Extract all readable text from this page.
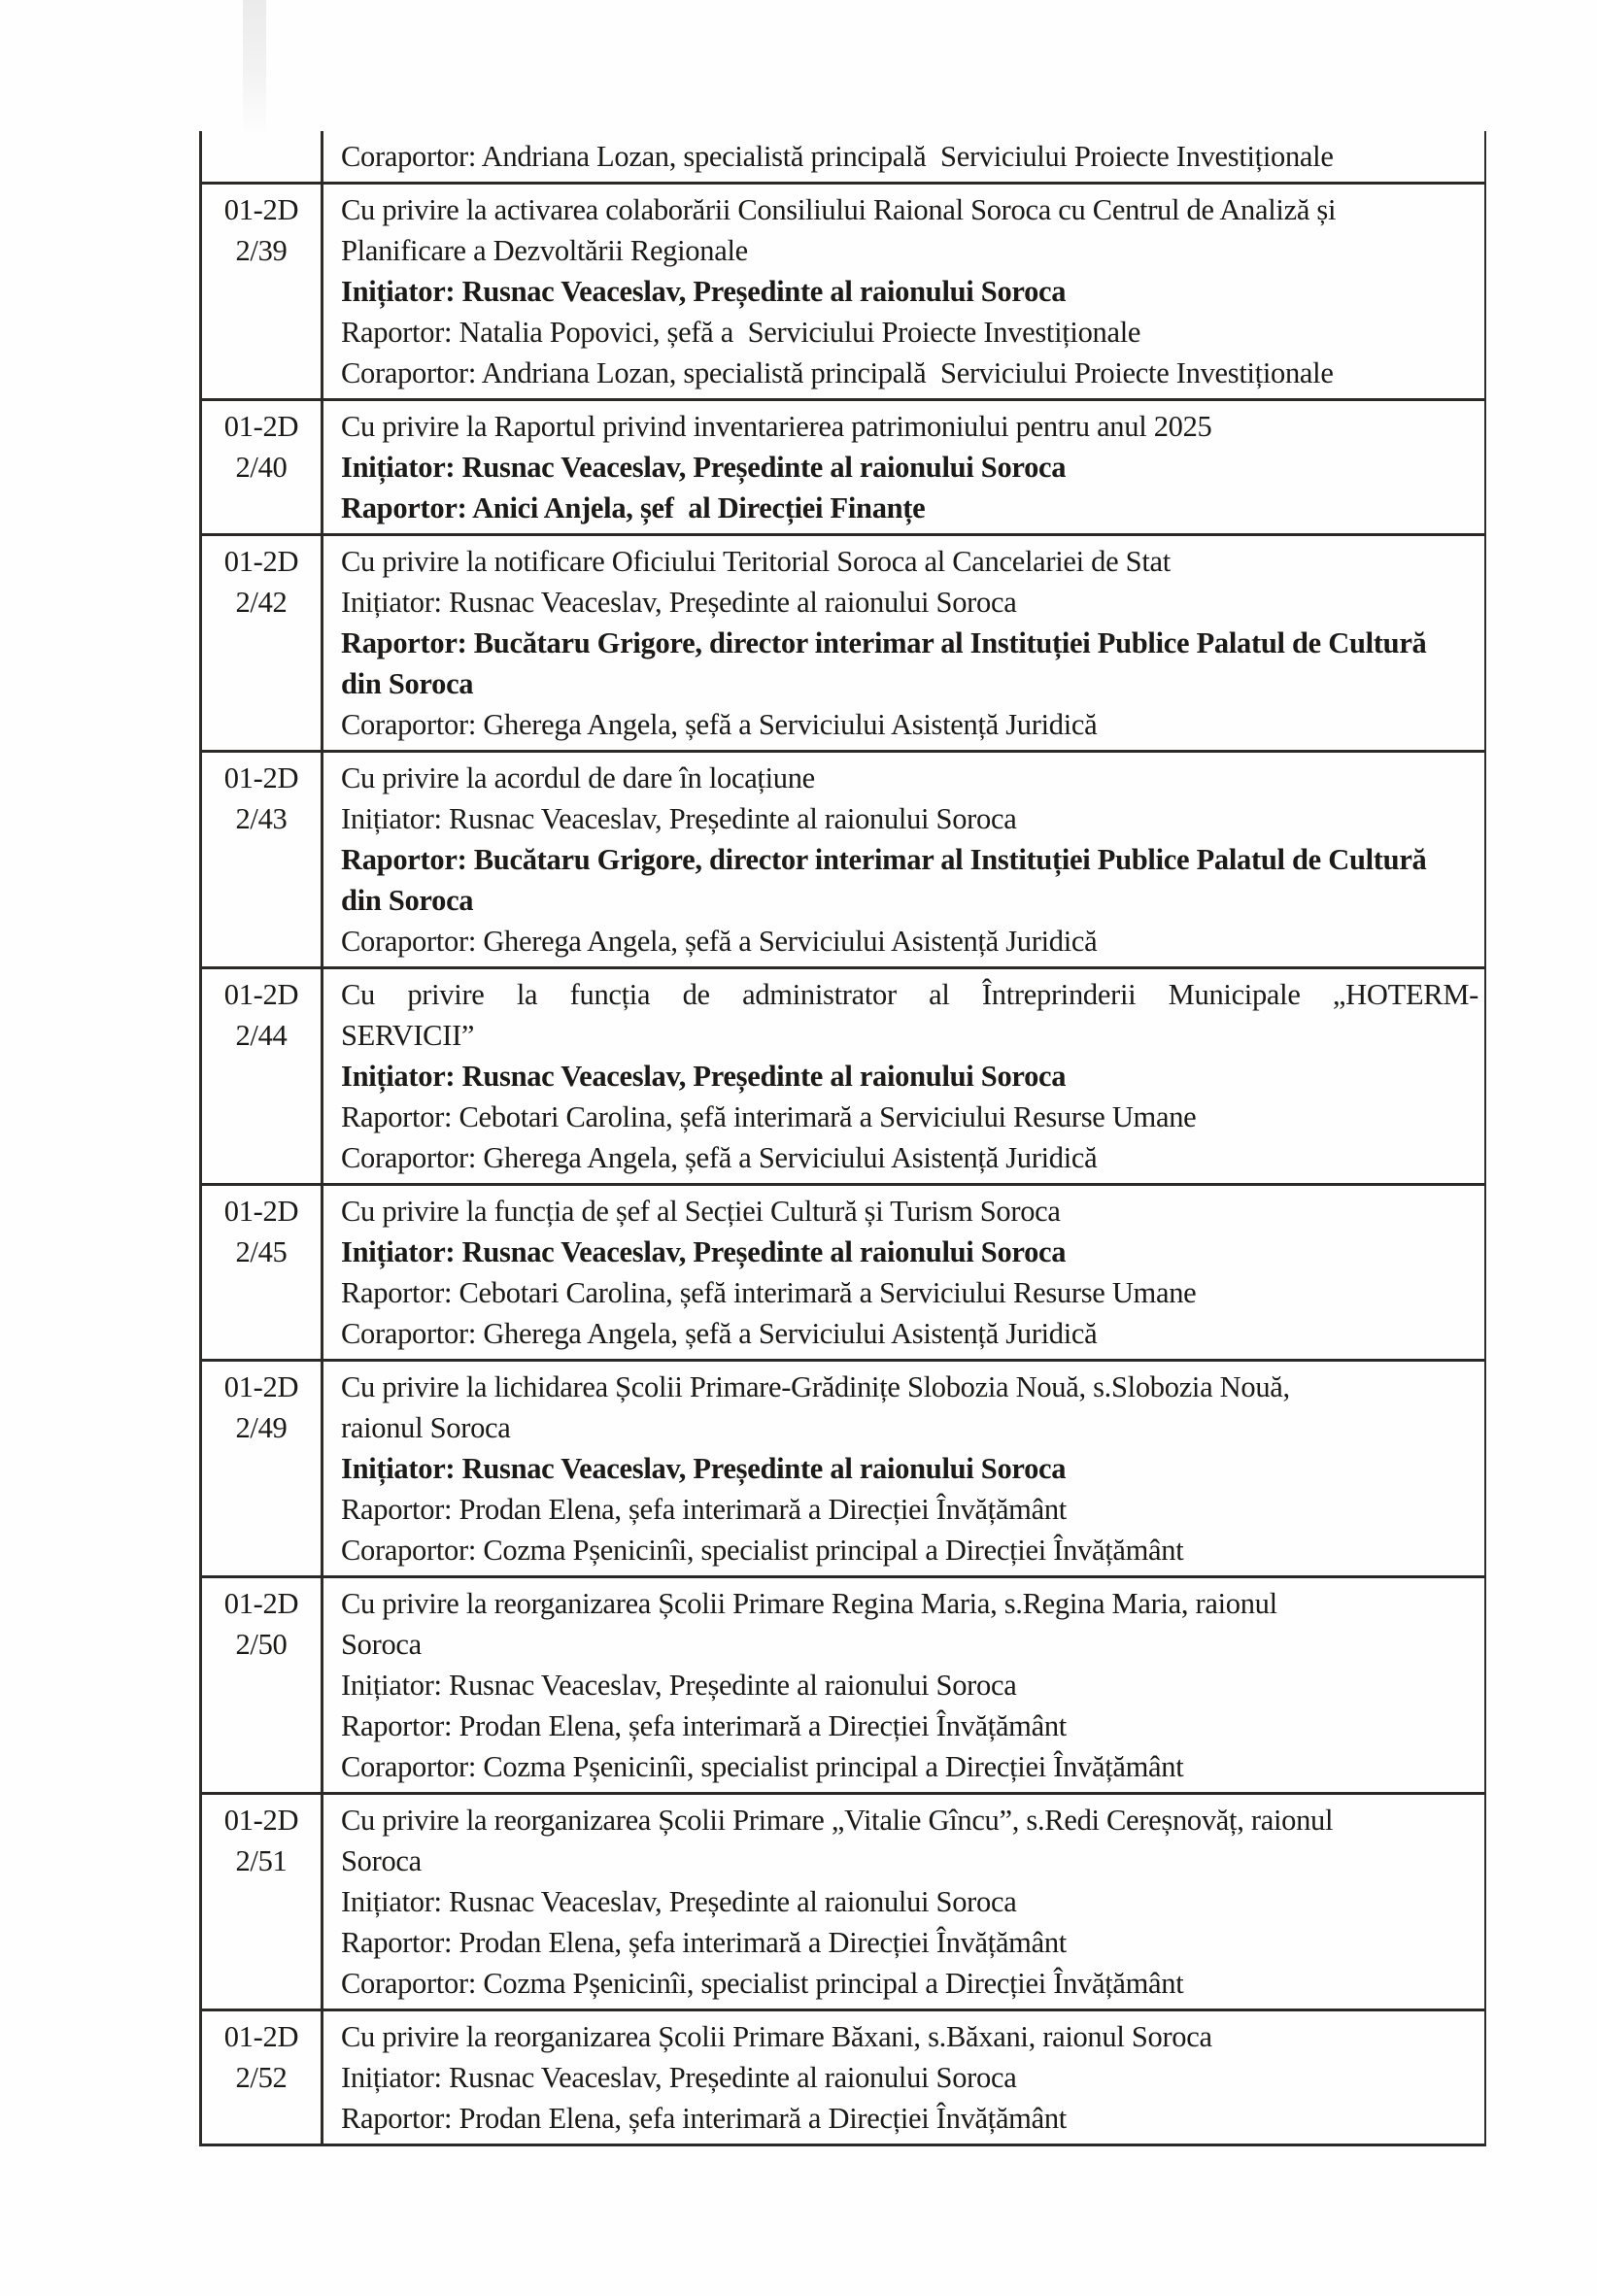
Coraportor: Andriana Lozan, specialistă principală  Serviciului Proiecte Investiționale
01-2D
2/39
Cu privire la activarea colaborării Consiliului Raional Soroca cu Centrul de Analiză și
Planificare a Dezvoltării Regionale
Inițiator: Rusnac Veaceslav, Președinte al raionului Soroca
Raportor: Natalia Popovici, șefă a  Serviciului Proiecte Investiționale
Coraportor: Andriana Lozan, specialistă principală  Serviciului Proiecte Investiționale
01-2D
2/40
Cu privire la Raportul privind inventarierea patrimoniului pentru anul 2025
Inițiator: Rusnac Veaceslav, Președinte al raionului Soroca
Raportor: Anici Anjela, șef  al Direcției Finanțe
01-2D
2/42
Cu privire la notificare Oficiului Teritorial Soroca al Cancelariei de Stat
Inițiator: Rusnac Veaceslav, Președinte al raionului Soroca
Raportor: Bucătaru Grigore, director interimar al Instituției Publice Palatul de Cultură
din Soroca
Coraportor: Gherega Angela, șefă a Serviciului Asistență Juridică
01-2D
2/43
Cu privire la acordul de dare în locațiune
Inițiator: Rusnac Veaceslav, Președinte al raionului Soroca
Raportor: Bucătaru Grigore, director interimar al Instituției Publice Palatul de Cultură
din Soroca
Coraportor: Gherega Angela, șefă a Serviciului Asistență Juridică
01-2D
2/44
Cu privire la funcția de administrator al Întreprinderii Municipale „HOTERM-
SERVICII”
Inițiator: Rusnac Veaceslav, Președinte al raionului Soroca
Raportor: Cebotari Carolina, șefă interimară a Serviciului Resurse Umane
Coraportor: Gherega Angela, șefă a Serviciului Asistență Juridică
01-2D
2/45
Cu privire la funcția de șef al Secției Cultură și Turism Soroca
Inițiator: Rusnac Veaceslav, Președinte al raionului Soroca
Raportor: Cebotari Carolina, șefă interimară a Serviciului Resurse Umane
Coraportor: Gherega Angela, șefă a Serviciului Asistență Juridică
01-2D
2/49
Cu privire la lichidarea Școlii Primare-Grădinițe Slobozia Nouă, s.Slobozia Nouă,
raionul Soroca
Inițiator: Rusnac Veaceslav, Președinte al raionului Soroca
Raportor: Prodan Elena, șefa interimară a Direcției Învățământ
Coraportor: Cozma Pșenicinîi, specialist principal a Direcției Învățământ
01-2D
2/50
Cu privire la reorganizarea Școlii Primare Regina Maria, s.Regina Maria, raionul
Soroca
Inițiator: Rusnac Veaceslav, Președinte al raionului Soroca
Raportor: Prodan Elena, șefa interimară a Direcției Învățământ
Coraportor: Cozma Pșenicinîi, specialist principal a Direcției Învățământ
01-2D
2/51
Cu privire la reorganizarea Școlii Primare „Vitalie Gîncu”, s.Redi Cereșnovăț, raionul
Soroca
Inițiator: Rusnac Veaceslav, Președinte al raionului Soroca
Raportor: Prodan Elena, șefa interimară a Direcției Învățământ
Coraportor: Cozma Pșenicinîi, specialist principal a Direcției Învățământ
01-2D
2/52
Cu privire la reorganizarea Școlii Primare Băxani, s.Băxani, raionul Soroca
Inițiator: Rusnac Veaceslav, Președinte al raionului Soroca
Raportor: Prodan Elena, șefa interimară a Direcției Învățământ
